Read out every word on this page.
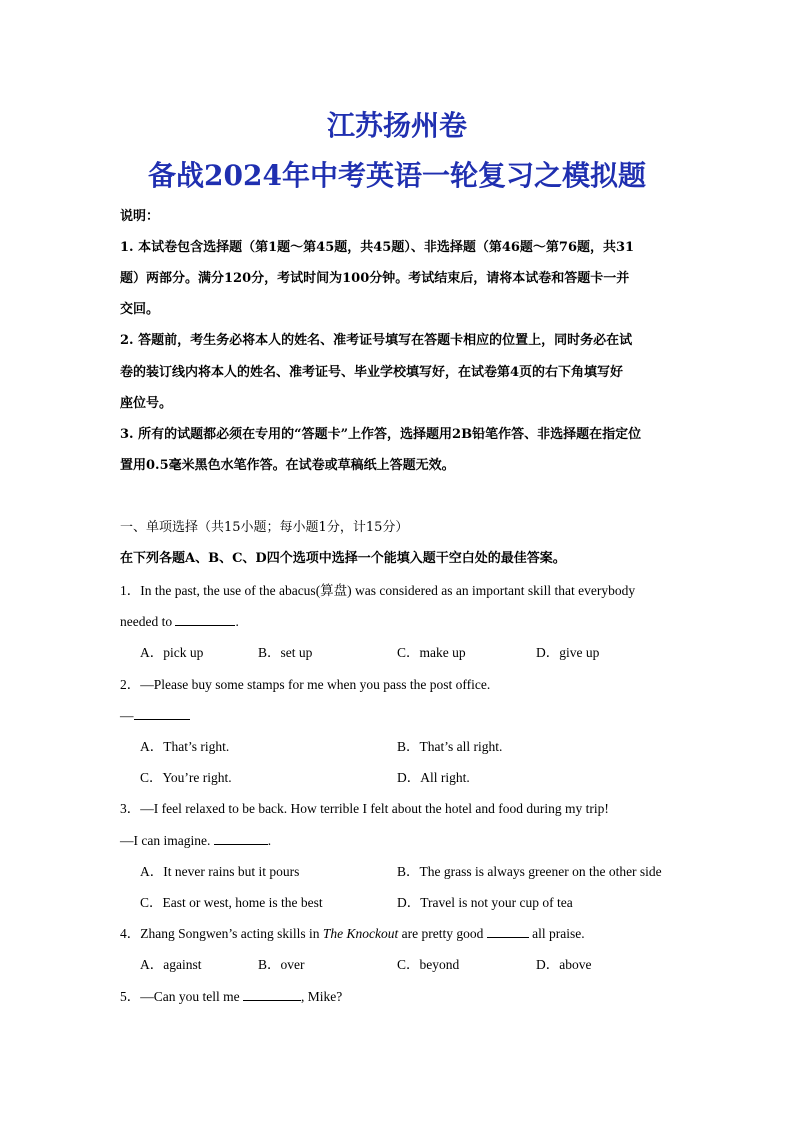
江苏扬州卷
备战2024年中考英语一轮复习之模拟题
说明：
1. 本试卷包含选择题（第1题～第45题，共45题）、非选择题（第46题～第76题，共31
题）两部分。满分120分，考试时间为100分钟。考试结束后，请将本试卷和答题卡一并
交回。
2. 答题前，考生务必将本人的姓名、准考证号填写在答题卡相应的位置上，同时务必在试
卷的装订线内将本人的姓名、准考证号、毕业学校填写好，在试卷第4页的右下角填写好
座位号。
3. 所有的试题都必须在专用的“答题卡”上作答，选择题用2B铅笔作答、非选择题在指定位
置用0.5毫米黑色水笔作答。在试卷或草稿纸上答题无效。
一、单项选择（共15小题；每小题1分，计15分）
在下列各题A、B、C、D四个选项中选择一个能填入题干空白处的最佳答案。
1．In the past, the use of the abacus(算盘) was considered as an important skill that everybody
needed to	.
A．pick up	B．set up	C．make up	D．give up
2．—Please buy some stamps for me when you pass the post office.
—
A．That’s right.	B．That’s all right.
C．You’re right.	D．All right.
3．—I feel relaxed to be back. How terrible I felt about the hotel and food during my trip!
—I can imagine.	.
A．It never rains but it pours	B．The grass is always greener on the other side
C．East or west, home is the best	D．Travel is not your cup of tea
4．Zhang Songwen’s acting skills in The Knockout are pretty good	all praise.
A．against	B．over	C．beyond	D．above
5．—Can you tell me	, Mike?
